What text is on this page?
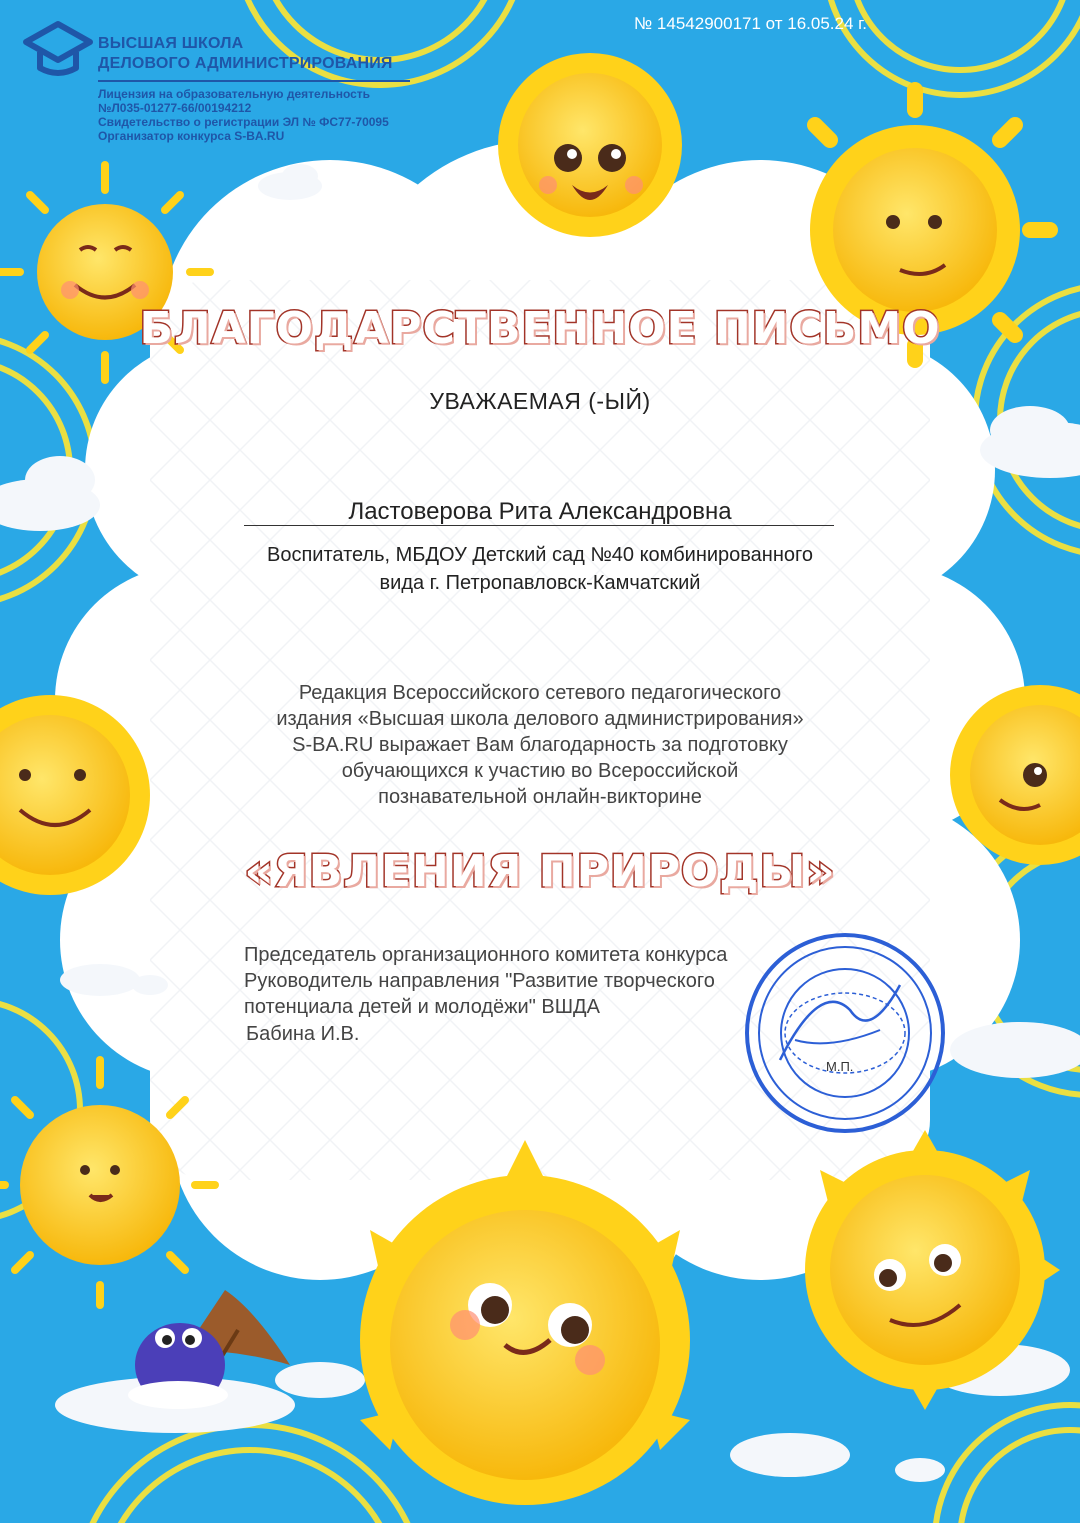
ВЫСШАЯ ШКОЛА
ДЕЛОВОГО АДМИНИСТРИРОВАНИЯ
Лицензия на образовательную деятельность
№Л035-01277-66/00194212
Свидетельство о регистрации ЭЛ № ФС77-70095
Организатор конкурса S-BA.RU
№ 14542900171 от 16.05.24 г.
БЛАГОДАРСТВЕННОЕ ПИСЬМО
УВАЖАЕМАЯ (-ЫЙ)
Ластоверова Рита Александровна
Воспитатель, МБДОУ Детский сад №40 комбинированного
вида г. Петропавловск-Камчатский
Редакция Всероссийского сетевого педагогического
издания «Высшая школа делового администрирования»
S-BA.RU выражает Вам благодарность за подготовку
обучающихся к участию во Всероссийской
познавательной онлайн-викторине
«ЯВЛЕНИЯ ПРИРОДЫ»
Председатель организационного комитета конкурса
Руководитель направления "Развитие творческого
потенциала детей и молодёжи" ВШДА
Бабина И.В.
М.П.
